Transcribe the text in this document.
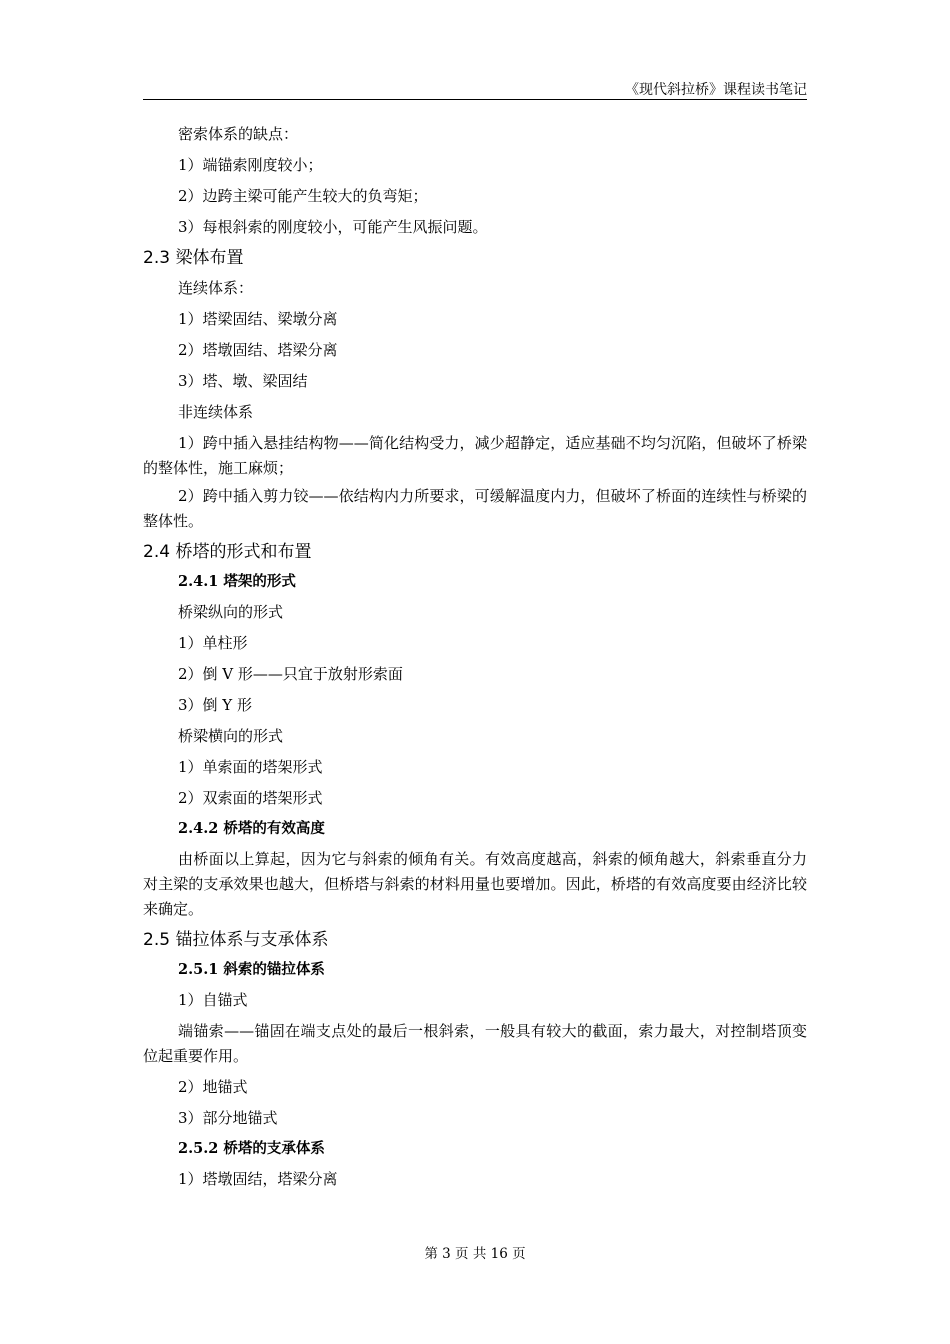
《现代斜拉桥》课程读书笔记
密索体系的缺点：
1）端锚索刚度较小；
2）边跨主梁可能产生较大的负弯矩；
3）每根斜索的刚度较小，可能产生风振问题。
2.3 梁体布置
连续体系：
1）塔梁固结、梁墩分离
2）塔墩固结、塔梁分离
3）塔、墩、梁固结
非连续体系
1）跨中插入悬挂结构物——简化结构受力，减少超静定，适应基础不均匀沉陷，但破坏了桥梁的整体性，施工麻烦；
2）跨中插入剪力铰——依结构内力所要求，可缓解温度内力，但破坏了桥面的连续性与桥梁的整体性。
2.4 桥塔的形式和布置
2.4.1 塔架的形式
桥梁纵向的形式
1）单柱形
2）倒 V 形——只宜于放射形索面
3）倒 Y 形
桥梁横向的形式
1）单索面的塔架形式
2）双索面的塔架形式
2.4.2 桥塔的有效高度
由桥面以上算起，因为它与斜索的倾角有关。有效高度越高，斜索的倾角越大，斜索垂直分力对主梁的支承效果也越大，但桥塔与斜索的材料用量也要增加。因此，桥塔的有效高度要由经济比较来确定。
2.5 锚拉体系与支承体系
2.5.1 斜索的锚拉体系
1）自锚式
端锚索——锚固在端支点处的最后一根斜索，一般具有较大的截面，索力最大，对控制塔顶变位起重要作用。
2）地锚式
3）部分地锚式
2.5.2 桥塔的支承体系
1）塔墩固结，塔梁分离
第 3 页 共 16 页
